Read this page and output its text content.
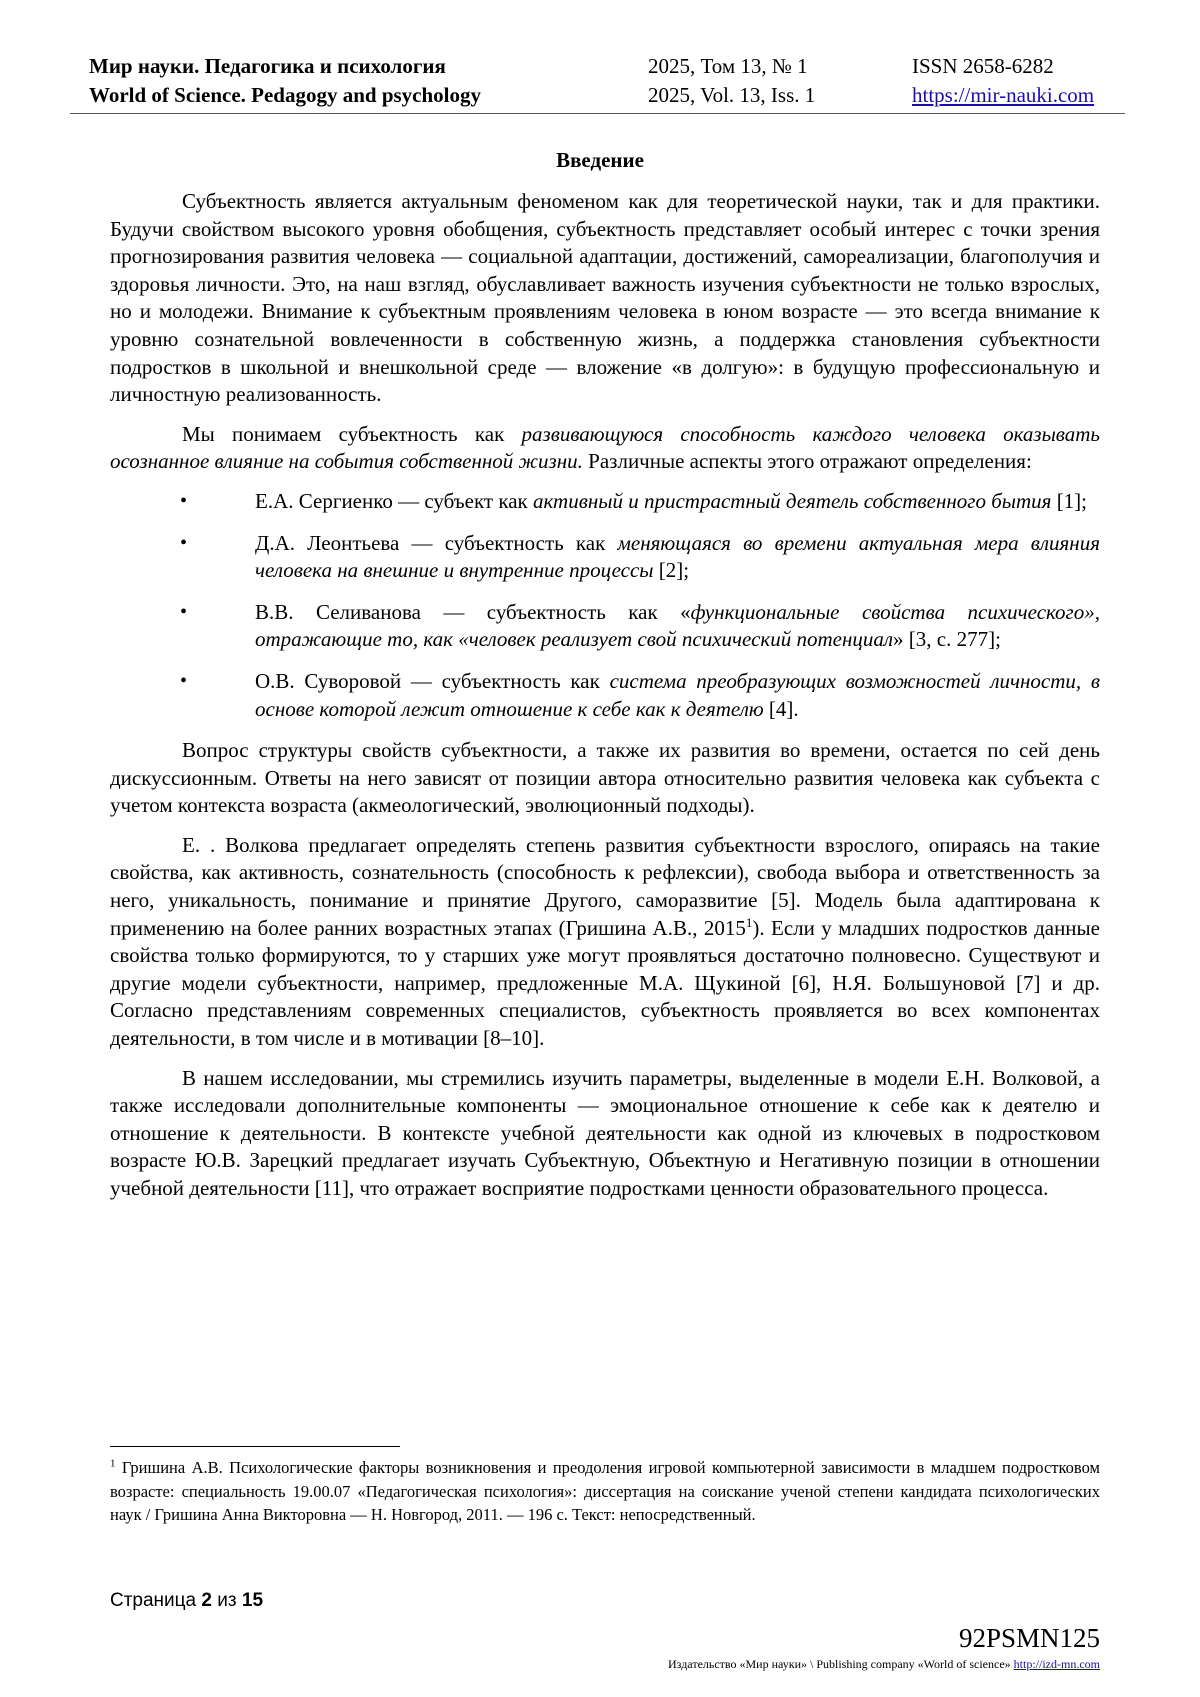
Мир науки. Педагогика и психология
World of Science. Pedagogy and psychology
2025, Том 13, № 1
2025, Vol. 13, Iss. 1
ISSN 2658-6282
https://mir-nauki.com
Введение

Субъектность является актуальным феноменом как для теоретической науки, так и для практики. Будучи свойством высокого уровня обобщения, субъектность представляет особый интерес с точки зрения прогнозирования развития человека — социальной адаптации, достижений, самореализации, благополучия и здоровья личности. Это, на наш взгляд, обуславливает важность изучения субъектности не только взрослых, но и молодежи. Внимание к субъектным проявлениям человека в юном возрасте — это всегда внимание к уровню сознательной вовлеченности в собственную жизнь, а поддержка становления субъектности подростков в школьной и внешкольной среде — вложение «в долгую»: в будущую профессиональную и личностную реализованность.

Мы понимаем субъектность как развивающуюся способность каждого человека оказывать осознанное влияние на события собственной жизни. Различные аспекты этого отражают определения:

•	Е.А. Сергиенко — субъект как активный и пристрастный деятель собственного бытия [1];
•	Д.А. Леонтьева — субъектность как меняющаяся во времени актуальная мера влияния человека на внешние и внутренние процессы [2];
•	В.В. Селиванова — субъектность как «функциональные свойства психического», отражающие то, как «человек реализует свой психический потенциал» [3, с. 277];
•	О.В. Суворовой — субъектность как система преобразующих возможностей личности, в основе которой лежит отношение к себе как к деятелю [4].

Вопрос структуры свойств субъектности, а также их развития во времени, остается по сей день дискуссионным. Ответы на него зависят от позиции автора относительно развития человека как субъекта с учетом контекста возраста (акмеологический, эволюционный подходы).

Е. . Волкова предлагает определять степень развития субъектности взрослого, опираясь на такие свойства, как активность, сознательность (способность к рефлексии), свобода выбора и ответственность за него, уникальность, понимание и принятие Другого, саморазвитие [5]. Модель была адаптирована к применению на более ранних возрастных этапах (Гришина А.В., 2015$^1$). Если у младших подростков данные свойства только формируются, то у старших уже могут проявляться достаточно полновесно. Существуют и другие модели субъектности, например, предложенные М.А. Щукиной [6], Н.Я. Большуновой [7] и др. Согласно представлениям современных специалистов, субъектность проявляется во всех компонентах деятельности, в том числе и в мотивации [8–10].

В нашем исследовании, мы стремились изучить параметры, выделенные в модели Е.Н. Волковой, а также исследовали дополнительные компоненты — эмоциональное отношение к себе как к деятелю и отношение к деятельности. В контексте учебной деятельности как одной из ключевых в подростковом возрасте Ю.В. Зарецкий предлагает изучать Субъектную, Объектную и Негативную позиции в отношении учебной деятельности [11], что отражает восприятие подростками ценности образовательного процесса.

$^1$ Гришина А.В. Психологические факторы возникновения и преодоления игровой компьютерной зависимости в младшем подростковом возрасте: специальность 19.00.07 «Педагогическая психология»: диссертация на соискание ученой степени кандидата психологических наук / Гришина Анна Викторовна — Н. Новгород, 2011. — 196 с. Текст: непосредственный.
Страница 2 из 15
92PSMN125
Издательство «Мир науки» \ Publishing company «World of science» http://izd-mn.com
